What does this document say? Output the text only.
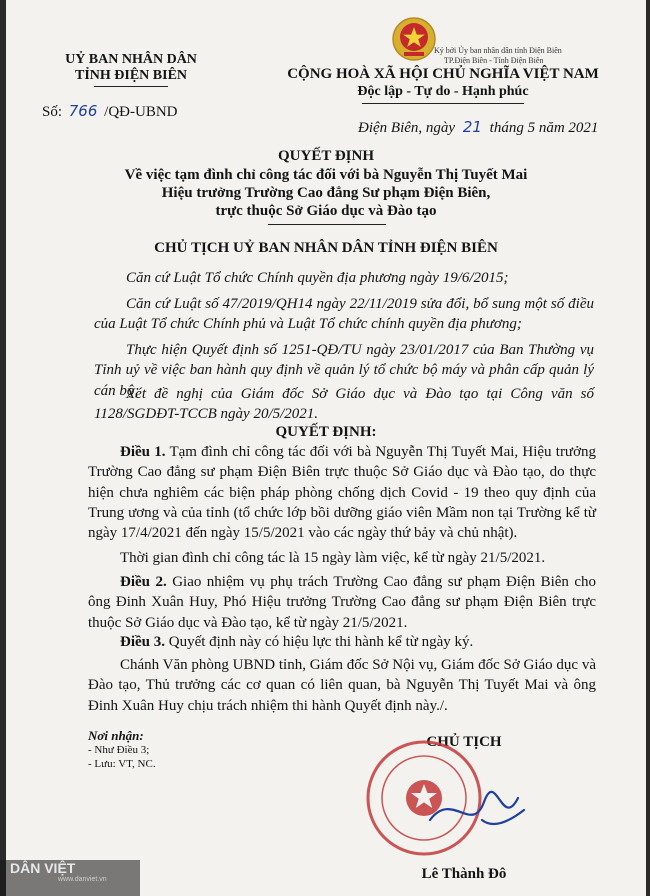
UỶ BAN NHÂN DÂN
TỈNH ĐIỆN BIÊN
Số: 766 /QĐ-UBND
Ký bởi Ủy ban nhân dân tỉnh Điện Biên
TP.Điện Biên - Tỉnh Điện Biên
CỘNG HOÀ XÃ HỘI CHỦ NGHĨA VIỆT NAM
Độc lập - Tự do - Hạnh phúc
Điện Biên, ngày 21 tháng 5 năm 2021
QUYẾT ĐỊNH
Về việc tạm đình chỉ công tác đối với bà Nguyễn Thị Tuyết Mai
Hiệu trưởng Trường Cao đẳng Sư phạm Điện Biên,
trực thuộc Sở Giáo dục và Đào tạo
CHỦ TỊCH UỶ BAN NHÂN DÂN TỈNH ĐIỆN BIÊN
Căn cứ Luật Tổ chức Chính quyền địa phương ngày 19/6/2015;
Căn cứ Luật số 47/2019/QH14 ngày 22/11/2019 sửa đổi, bổ sung một số điều của Luật Tổ chức Chính phủ và Luật Tổ chức chính quyền địa phương;
Thực hiện Quyết định số 1251-QĐ/TU ngày 23/01/2017 của Ban Thường vụ Tỉnh uỷ về việc ban hành quy định về quản lý tổ chức bộ máy và phân cấp quản lý cán bộ;
Xét đề nghị của Giám đốc Sở Giáo dục và Đào tạo tại Công văn số 1128/SGDĐT-TCCB ngày 20/5/2021.
QUYẾT ĐỊNH:
Điều 1. Tạm đình chỉ công tác đối với bà Nguyễn Thị Tuyết Mai, Hiệu trưởng Trường Cao đẳng sư phạm Điện Biên trực thuộc Sở Giáo dục và Đào tạo, do thực hiện chưa nghiêm các biện pháp phòng chống dịch Covid - 19 theo quy định của Trung ương và của tỉnh (tổ chức lớp bồi dưỡng giáo viên Mầm non tại Trường kể từ ngày 17/4/2021 đến ngày 15/5/2021 vào các ngày thứ bảy và chủ nhật).
Thời gian đình chỉ công tác là 15 ngày làm việc, kể từ ngày 21/5/2021.
Điều 2. Giao nhiệm vụ phụ trách Trường Cao đẳng sư phạm Điện Biên cho ông Đinh Xuân Huy, Phó Hiệu trưởng Trường Cao đẳng sư phạm Điện Biên trực thuộc Sở Giáo dục và Đào tạo, kể từ ngày 21/5/2021.
Điều 3. Quyết định này có hiệu lực thi hành kể từ ngày ký.
Chánh Văn phòng UBND tỉnh, Giám đốc Sở Nội vụ, Giám đốc Sở Giáo dục và Đào tạo, Thủ trưởng các cơ quan có liên quan, bà Nguyễn Thị Tuyết Mai và ông Đinh Xuân Huy chịu trách nhiệm thi hành Quyết định này./.
Nơi nhận:
- Như Điều 3;
- Lưu: VT, NC.
CHỦ TỊCH
Lê Thành Đô
DÂN VIỆT
www.danviet.vn
